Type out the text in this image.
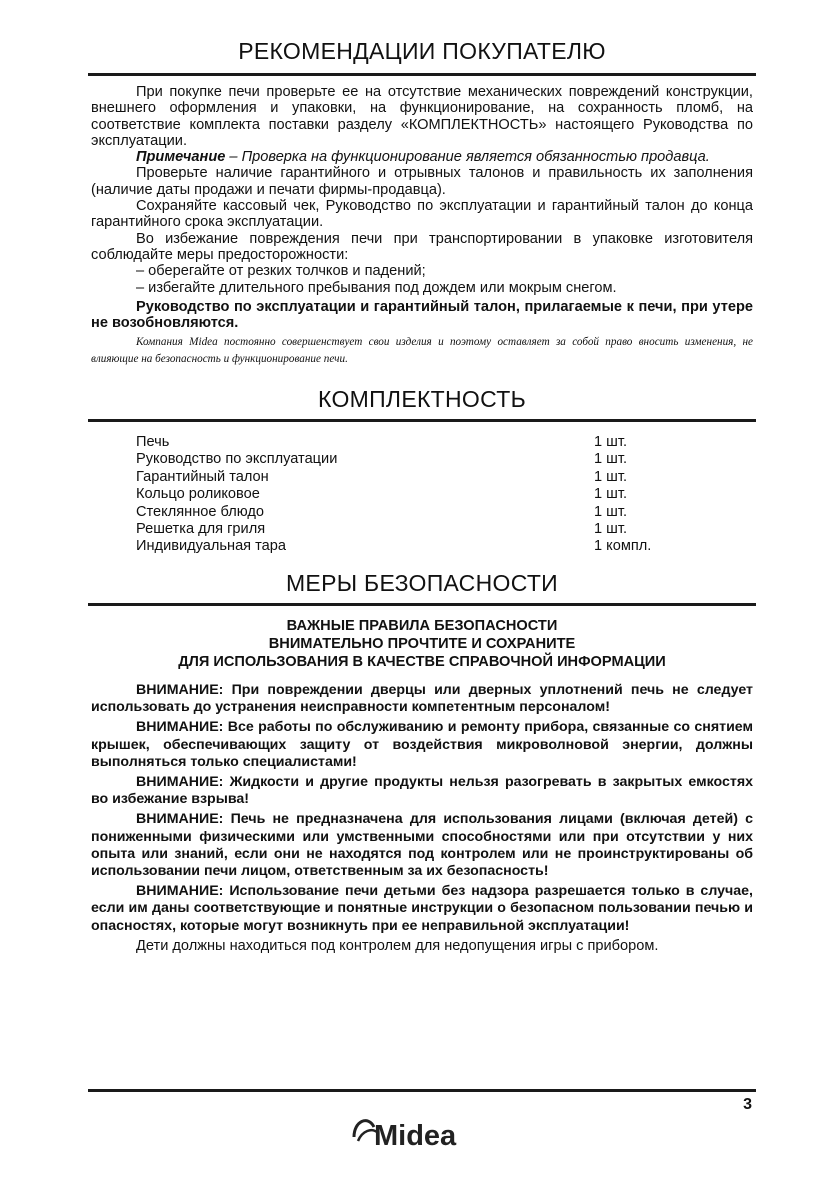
РЕКОМЕНДАЦИИ ПОКУПАТЕЛЮ

При покупке печи проверьте ее на отсутствие механических повреждений конструкции, внешнего оформления и упаковки, на функционирование, на сохранность пломб, на соответствие комплекта поставки разделу «КОМПЛЕКТНОСТЬ» настоящего Руководства по эксплуатации.

Примечание – Проверка на функционирование является обязанностью продавца.

Проверьте наличие гарантийного и отрывных талонов и правильность их заполнения (наличие даты продажи и печати фирмы-продавца).

Сохраняйте кассовый чек, Руководство по эксплуатации и гарантийный талон до конца гарантийного срока эксплуатации.

Во избежание повреждения печи при транспортировании в упаковке изготовителя соблюдайте меры предосторожности:

– оберегайте от резких толчков и падений;

– избегайте длительного пребывания под дождем или мокрым снегом.

Руководство по эксплуатации и гарантийный талон, прилагаемые к печи, при утере не возобновляются.

Компания Midea постоянно совершенствует свои изделия и поэтому оставляет за собой право вносить изменения, не влияющие на безопасность и функционирование печи.

КОМПЛЕКТНОСТЬ
Печь	1 шт.
Руководство по эксплуатации	1 шт.
Гарантийный талон	1 шт.
Кольцо роликовое	1 шт.
Стеклянное блюдо	1 шт.
Решетка для гриля	1 шт.
Индивидуальная тара	1 компл.
МЕРЫ БЕЗОПАСНОСТИ
ВАЖНЫЕ ПРАВИЛА БЕЗОПАСНОСТИ
ВНИМАТЕЛЬНО ПРОЧТИТЕ И СОХРАНИТЕ
ДЛЯ ИСПОЛЬЗОВАНИЯ В КАЧЕСТВЕ СПРАВОЧНОЙ ИНФОРМАЦИИ

ВНИМАНИЕ: При повреждении дверцы или дверных уплотнений печь не следует использовать до устранения неисправности компетентным персоналом!

ВНИМАНИЕ: Все работы по обслуживанию и ремонту прибора, связанные со снятием крышек, обеспечивающих защиту от воздействия микроволновой энергии, должны выполняться только специалистами!

ВНИМАНИЕ: Жидкости и другие продукты нельзя разогревать в закрытых емкостях во избежание взрыва!

ВНИМАНИЕ: Печь не предназначена для использования лицами (включая детей) с пониженными физическими или умственными способностями или при отсутствии у них опыта или знаний, если они не находятся под контролем или не проинструктированы об использовании печи лицом, ответственным за их безопасность!

ВНИМАНИЕ: Использование печи детьми без надзора разрешается только в случае, если им даны соответствующие и понятные инструкции о безопасном пользовании печью и опасностях, которые могут возникнуть при ее неправильной эксплуатации!

Дети должны находиться под контролем для недопущения игры с прибором.

3
Midea
